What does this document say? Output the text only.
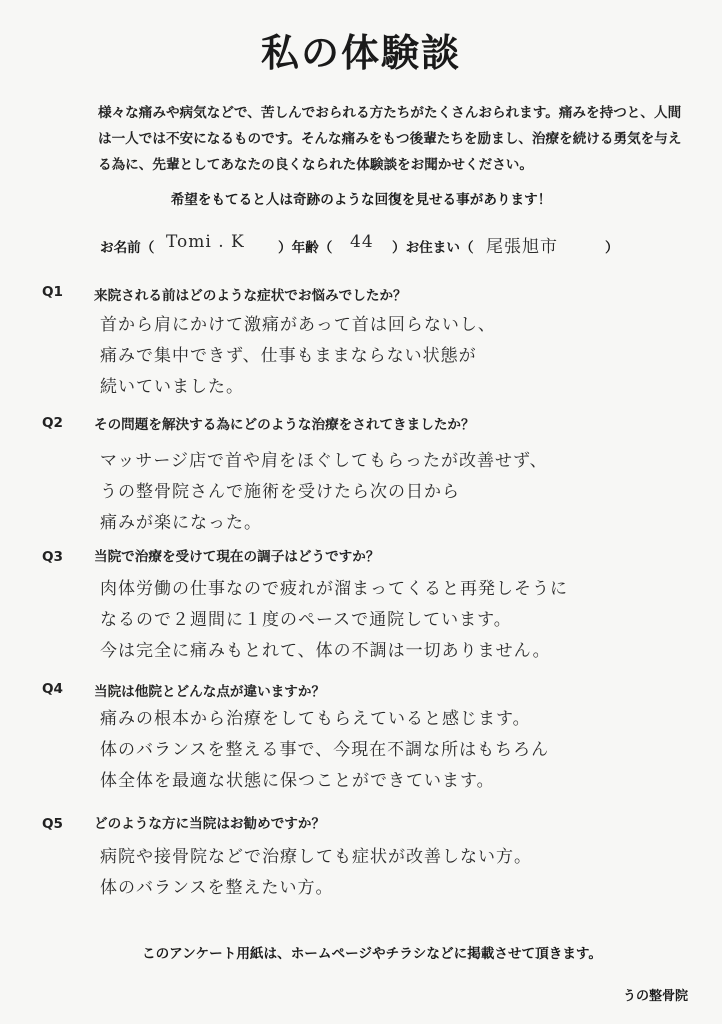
私の体験談
様々な痛みや病気などで、苦しんでおられる方たちがたくさんおられます。痛みを持つと、人間は一人では不安になるものです。そんな痛みをもつ後輩たちを励まし、治療を続ける勇気を与える為に、先輩としてあなたの良くなられた体験談をお聞かせください。
希望をもてると人は奇跡のような回復を見せる事があります！
お名前（ Tomi . K ）年齢（ 44 ）お住まい（ 尾張旭市	）
Q1 来院される前はどのような症状でお悩みでしたか？
首から肩にかけて激痛があって首は回らないし、
痛みで集中できず、仕事もままならない状態が
続いていました。
Q2 その問題を解決する為にどのような治療をされてきましたか？
マッサージ店で首や肩をほぐしてもらったが改善せず、
うの整骨院さんで施術を受けたら次の日から
痛みが楽になった。
Q3 当院で治療を受けて現在の調子はどうですか？
肉体労働の仕事なので疲れが溜まってくると再発しそうに
なるので２週間に１度のペースで通院しています。
今は完全に痛みもとれて、体の不調は一切ありません。
Q4 当院は他院とどんな点が違いますか？
痛みの根本から治療をしてもらえていると感じます。
体のバランスを整える事で、今現在不調な所はもちろん
体全体を最適な状態に保つことができています。
Q5 どのような方に当院はお勧めですか？
病院や接骨院などで治療しても症状が改善しない方。
体のバランスを整えたい方。
このアンケート用紙は、ホームページやチラシなどに掲載させて頂きます。
うの整骨院
